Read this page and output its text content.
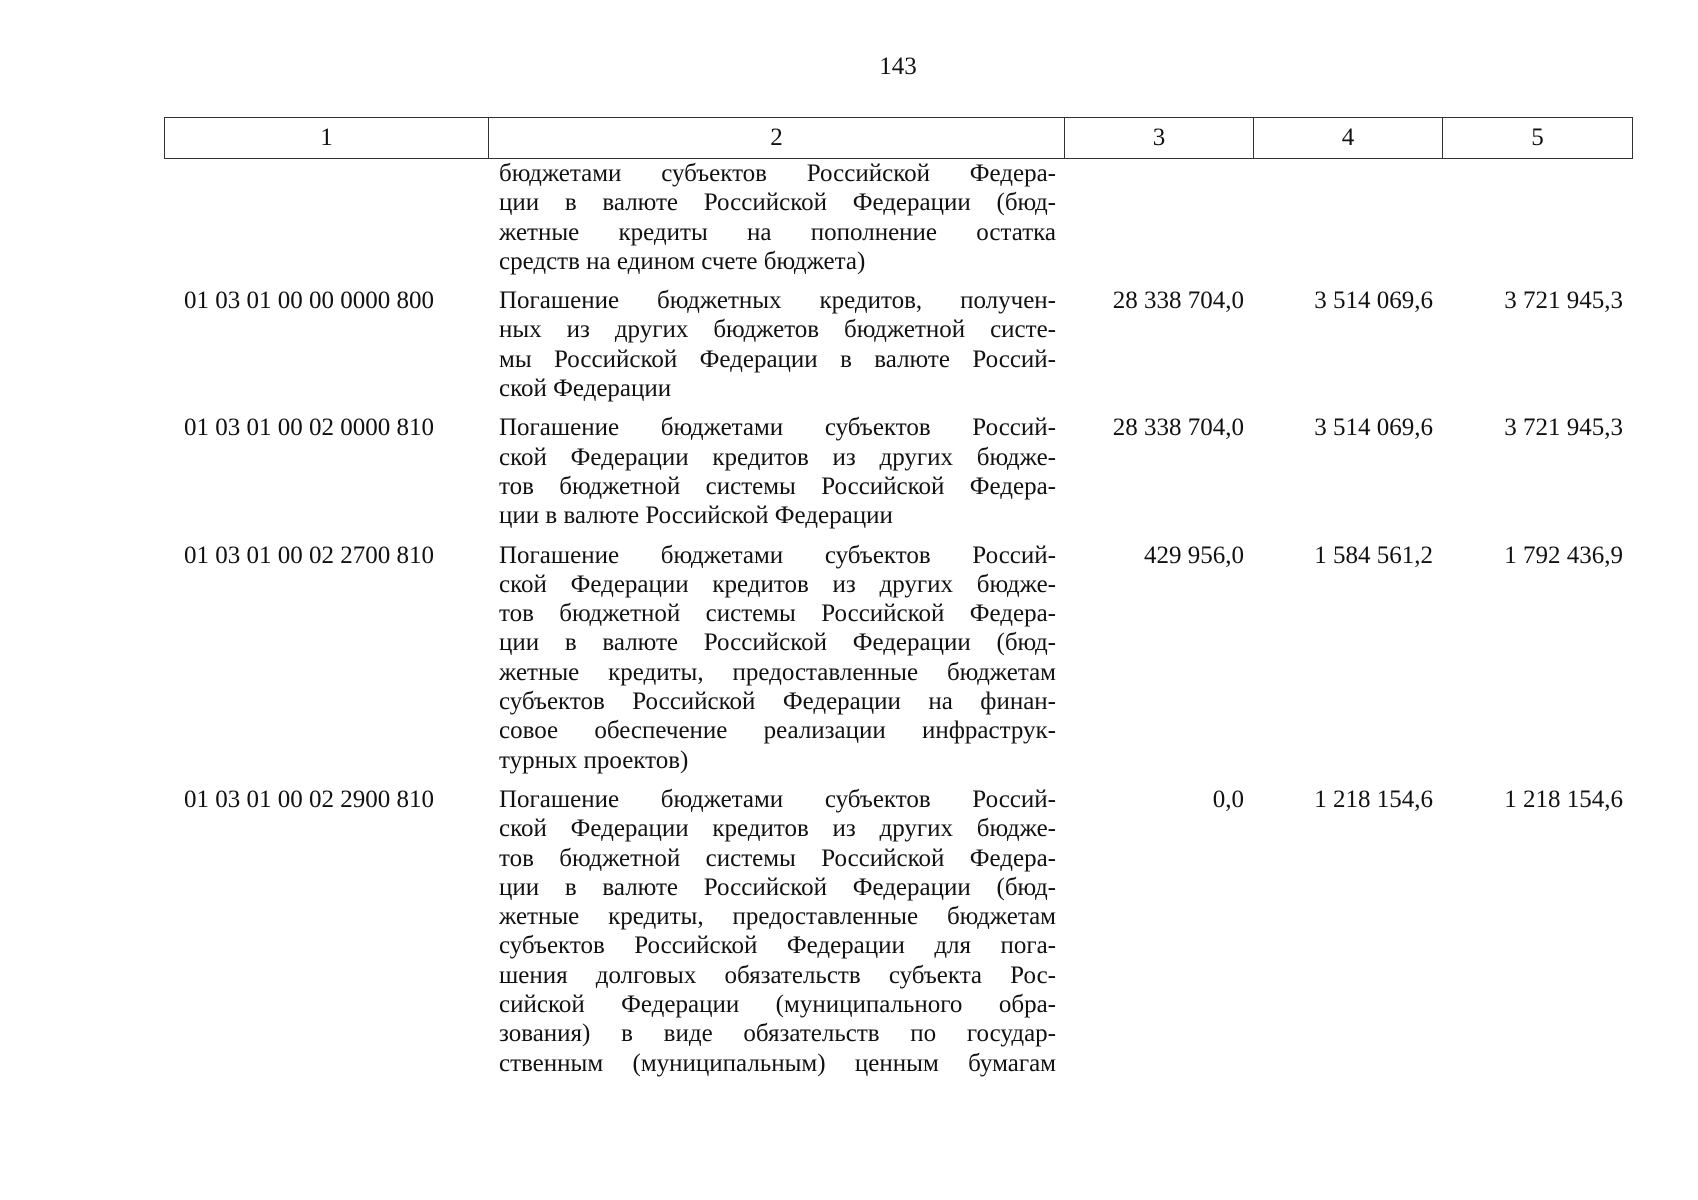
143
1	2	3	4	5
бюджетами субъектов Российской Федера-
ции в валюте Российской Федерации (бюд-
жетные кредиты на пополнение остатка
средств на едином счете бюджета)
01 03 01 00 00 0000 800	Погашение бюджетных кредитов, получен-
ных из других бюджетов бюджетной систе-
мы Российской Федерации в валюте Россий-
ской Федерации
28 338 704,0	3 514 069,6	3 721 945,3
01 03 01 00 02 0000 810	Погашение бюджетами субъектов Россий-
ской Федерации кредитов из других бюдже-
тов бюджетной системы Российской Федера-
ции в валюте Российской Федерации
28 338 704,0	3 514 069,6	3 721 945,3
01 03 01 00 02 2700 810	Погашение бюджетами субъектов Россий-
ской Федерации кредитов из других бюдже-
тов бюджетной системы Российской Федера-
ции в валюте Российской Федерации (бюд-
жетные кредиты, предоставленные бюджетам
субъектов Российской Федерации на финан-
совое обеспечение реализации инфраструк-
турных проектов)
429 956,0	1 584 561,2	1 792 436,9
01 03 01 00 02 2900 810	Погашение бюджетами субъектов Россий-
ской Федерации кредитов из других бюдже-
тов бюджетной системы Российской Федера-
ции в валюте Российской Федерации (бюд-
жетные кредиты, предоставленные бюджетам
субъектов Российской Федерации для пога-
шения долговых обязательств субъекта Рос-
сийской Федерации (муниципального обра-
зования) в виде обязательств по государ-
ственным (муниципальным) ценным бумагам
0,0	1 218 154,6	1 218 154,6
